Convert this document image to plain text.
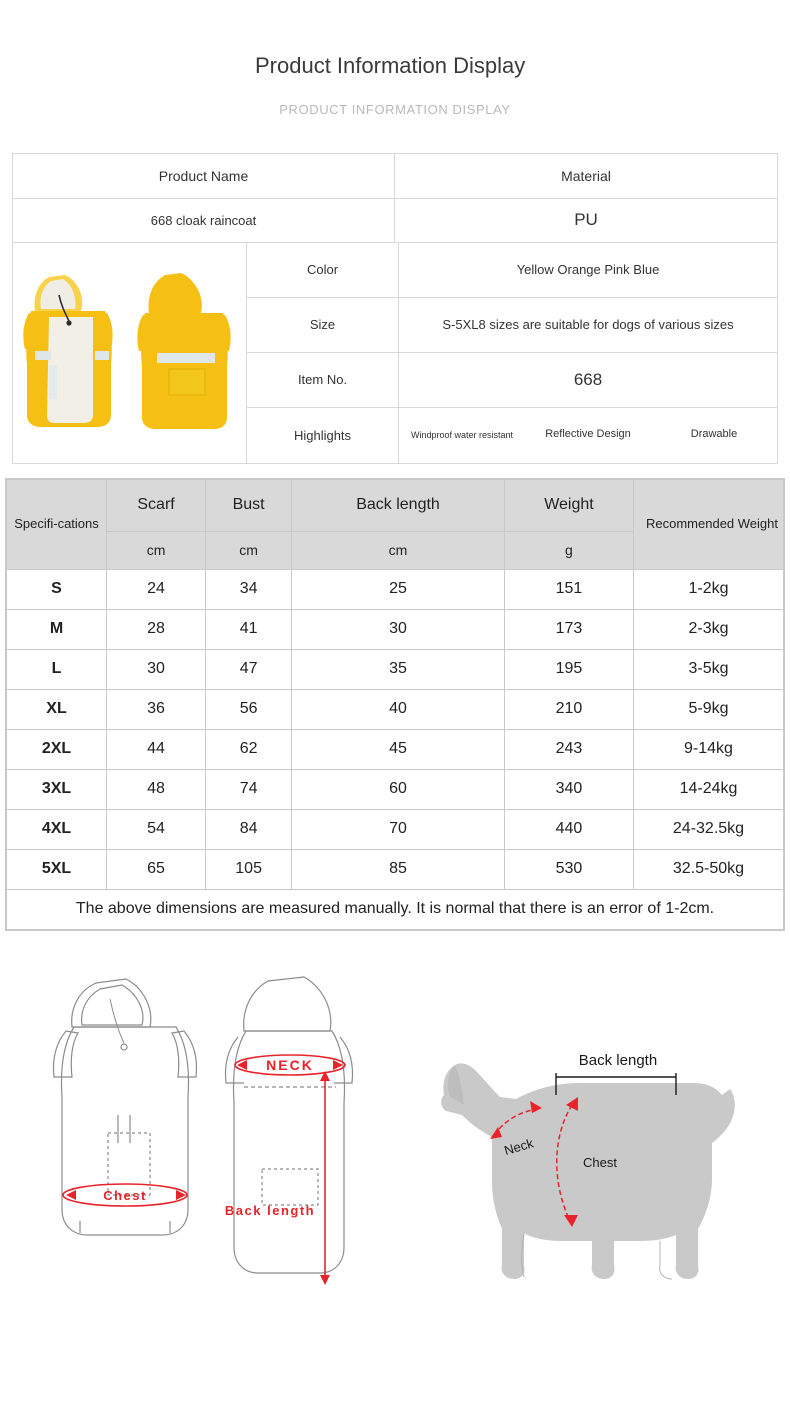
Product Information Display
PRODUCT INFORMATION DISPLAY
Product Name	Material
668 cloak raincoat	PU
Color	Yellow Orange Pink Blue
Size	S-5XL8 sizes are suitable for dogs of various sizes
Item No.	668
Highlights	Windproof water resistant	Reflective Design	Drawable
Specifi-cations	Scarf	Bust	Back length	Weight	Recommended Weight
	cm	cm	cm	g	
S	24	34	25	151	1-2kg
M	28	41	30	173	2-3kg
L	30	47	35	195	3-5kg
XL	36	56	40	210	5-9kg
2XL	44	62	45	243	9-14kg
3XL	48	74	60	340	14-24kg
4XL	54	84	70	440	24-32.5kg
5XL	65	105	85	530	32.5-50kg
The above dimensions are measured manually. It is normal that there is an error of 1-2cm.					
Chest
NECK
Back length
Neck
Chest
Back length
